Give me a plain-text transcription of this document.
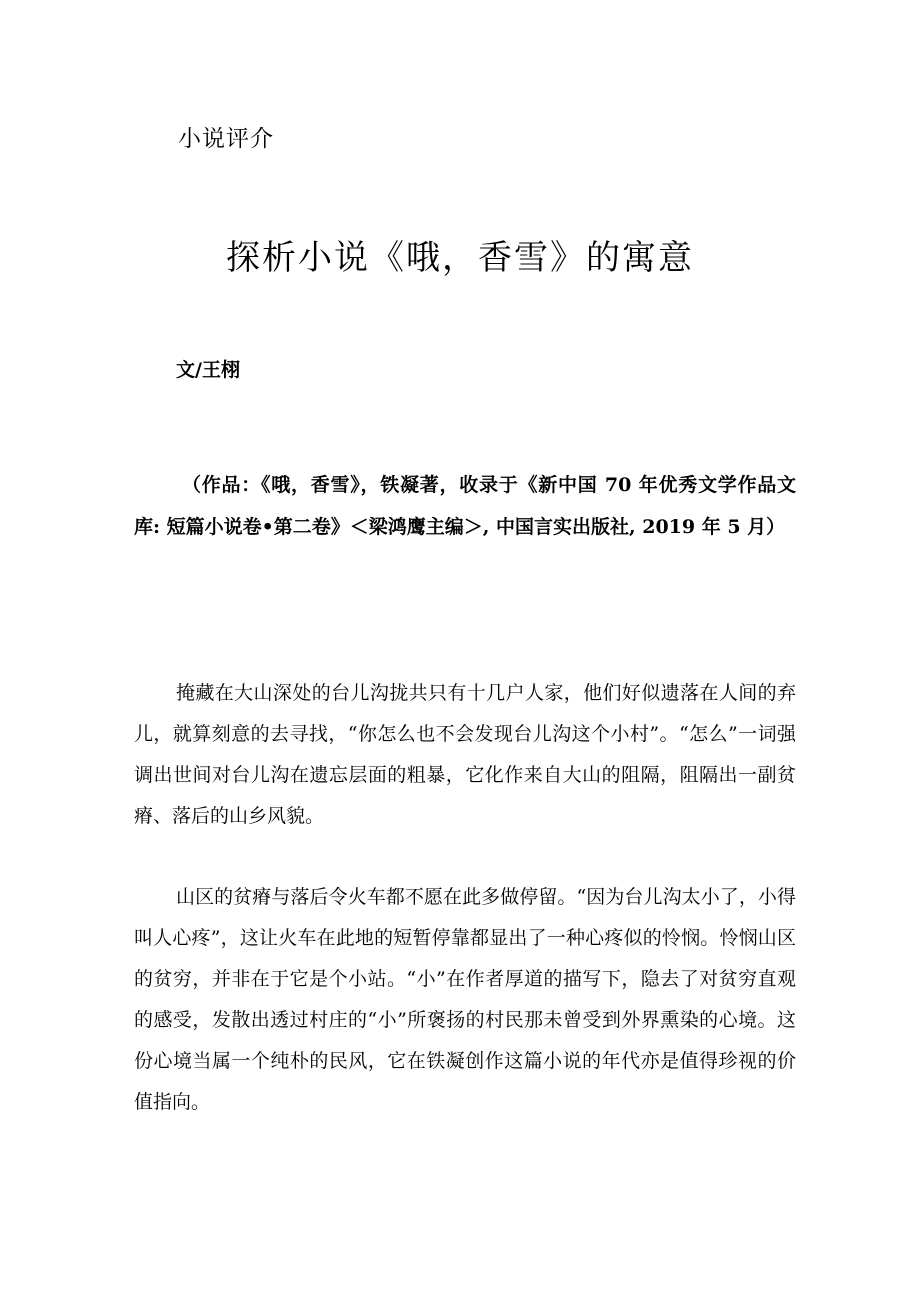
小说评介
探析小说《哦，香雪》的寓意
文/王栩
（作品：《哦，香雪》，铁凝著，收录于《新中国 70 年优秀文学作品文库: 短篇小说卷•第二卷》＜梁鸿鹰主编＞, 中国言实出版社, 2019 年 5 月）
掩藏在大山深处的台儿沟拢共只有十几户人家，他们好似遗落在人间的弃儿，就算刻意的去寻找，“你怎么也不会发现台儿沟这个小村”。“怎么”一词强调出世间对台儿沟在遗忘层面的粗暴，它化作来自大山的阻隔，阻隔出一副贫瘠、落后的山乡风貌。
山区的贫瘠与落后令火车都不愿在此多做停留。“因为台儿沟太小了，小得叫人心疼”，这让火车在此地的短暂停靠都显出了一种心疼似的怜悯。怜悯山区的贫穷，并非在于它是个小站。“小”在作者厚道的描写下，隐去了对贫穷直观的感受，发散出透过村庄的“小”所褒扬的村民那未曾受到外界熏染的心境。这份心境当属一个纯朴的民风，它在铁凝创作这篇小说的年代亦是值得珍视的价值指向。
